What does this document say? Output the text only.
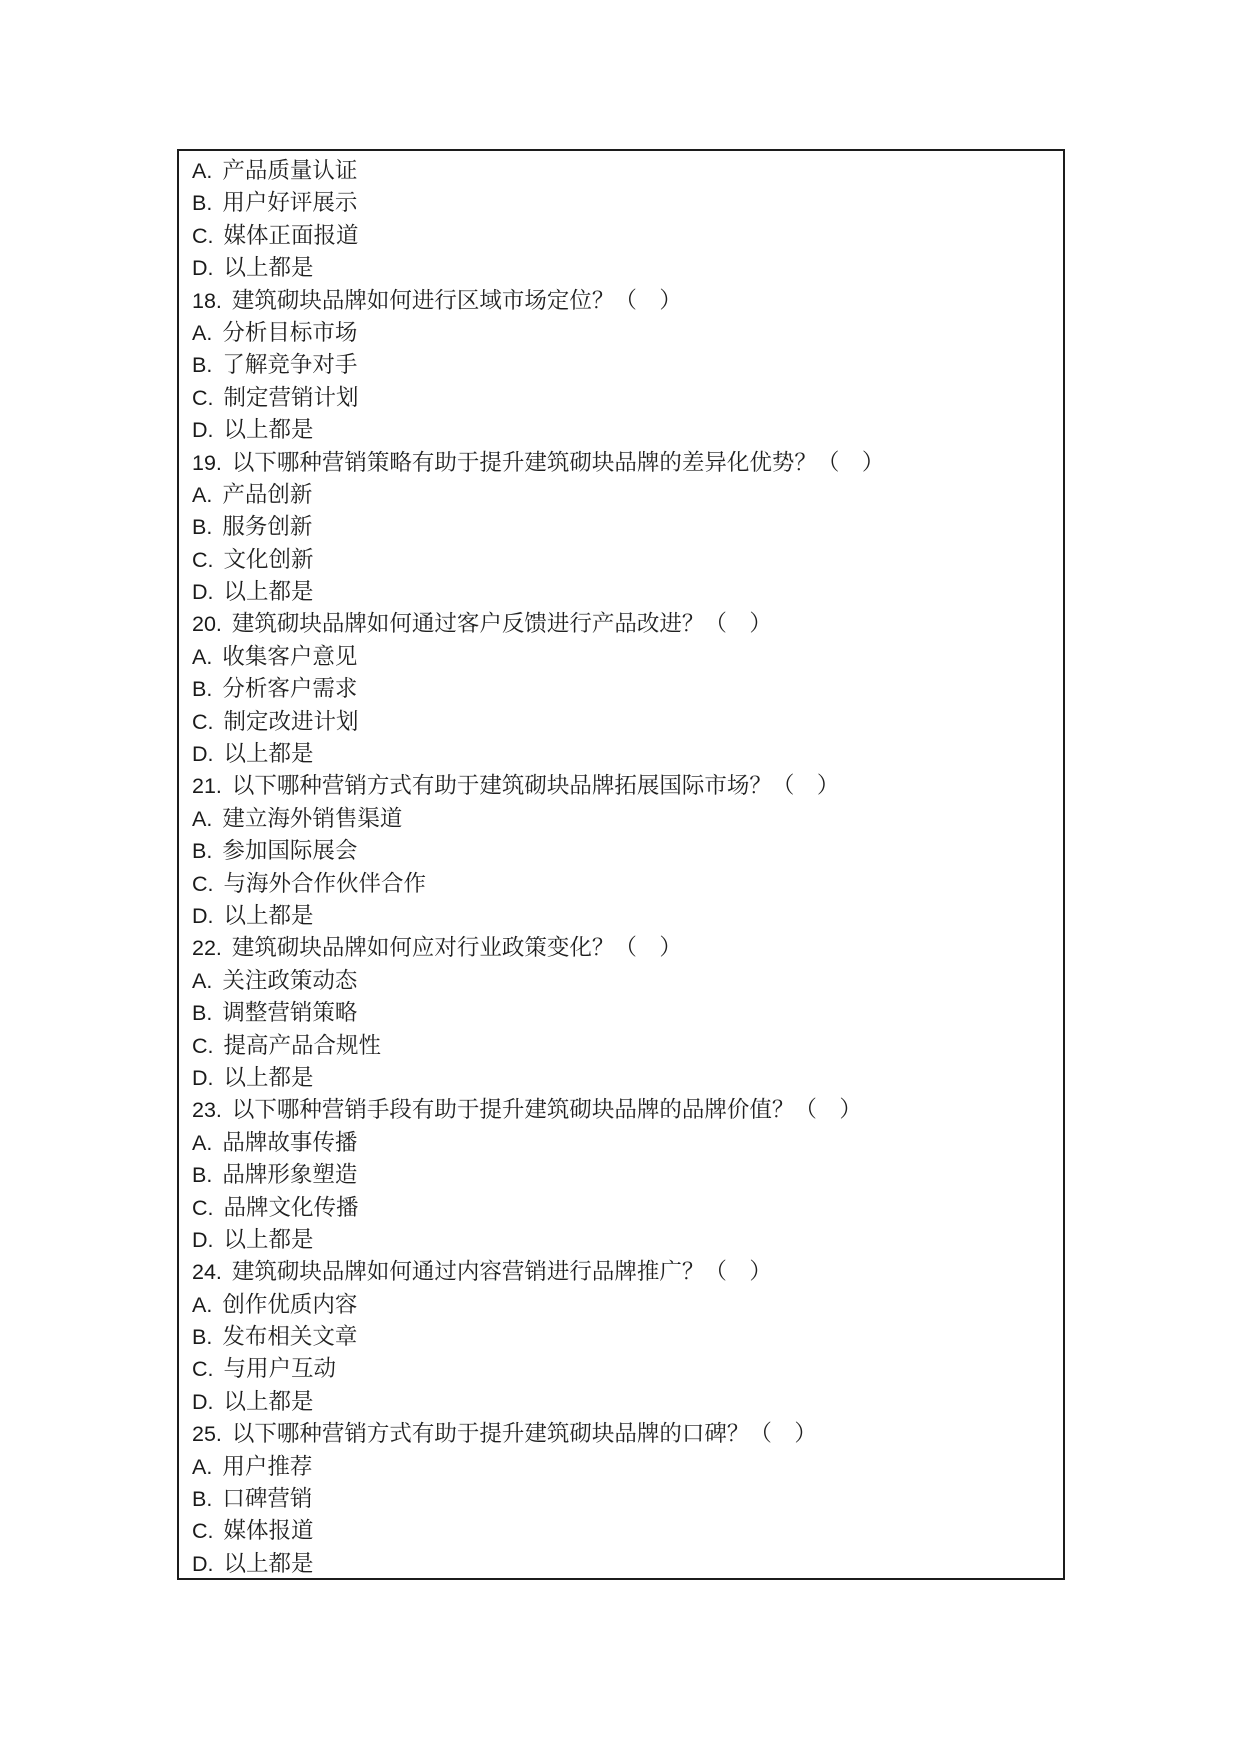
A. 产品质量认证
B. 用户好评展示
C. 媒体正面报道
D. 以上都是
18. 建筑砌块品牌如何进行区域市场定位？（　）
A. 分析目标市场
B. 了解竞争对手
C. 制定营销计划
D. 以上都是
19. 以下哪种营销策略有助于提升建筑砌块品牌的差异化优势？（　）
A. 产品创新
B. 服务创新
C. 文化创新
D. 以上都是
20. 建筑砌块品牌如何通过客户反馈进行产品改进？（　）
A. 收集客户意见
B. 分析客户需求
C. 制定改进计划
D. 以上都是
21. 以下哪种营销方式有助于建筑砌块品牌拓展国际市场？（　）
A. 建立海外销售渠道
B. 参加国际展会
C. 与海外合作伙伴合作
D. 以上都是
22. 建筑砌块品牌如何应对行业政策变化？（　）
A. 关注政策动态
B. 调整营销策略
C. 提高产品合规性
D. 以上都是
23. 以下哪种营销手段有助于提升建筑砌块品牌的品牌价值？（　）
A. 品牌故事传播
B. 品牌形象塑造
C. 品牌文化传播
D. 以上都是
24. 建筑砌块品牌如何通过内容营销进行品牌推广？（　）
A. 创作优质内容
B. 发布相关文章
C. 与用户互动
D. 以上都是
25. 以下哪种营销方式有助于提升建筑砌块品牌的口碑？（　）
A. 用户推荐
B. 口碑营销
C. 媒体报道
D. 以上都是
